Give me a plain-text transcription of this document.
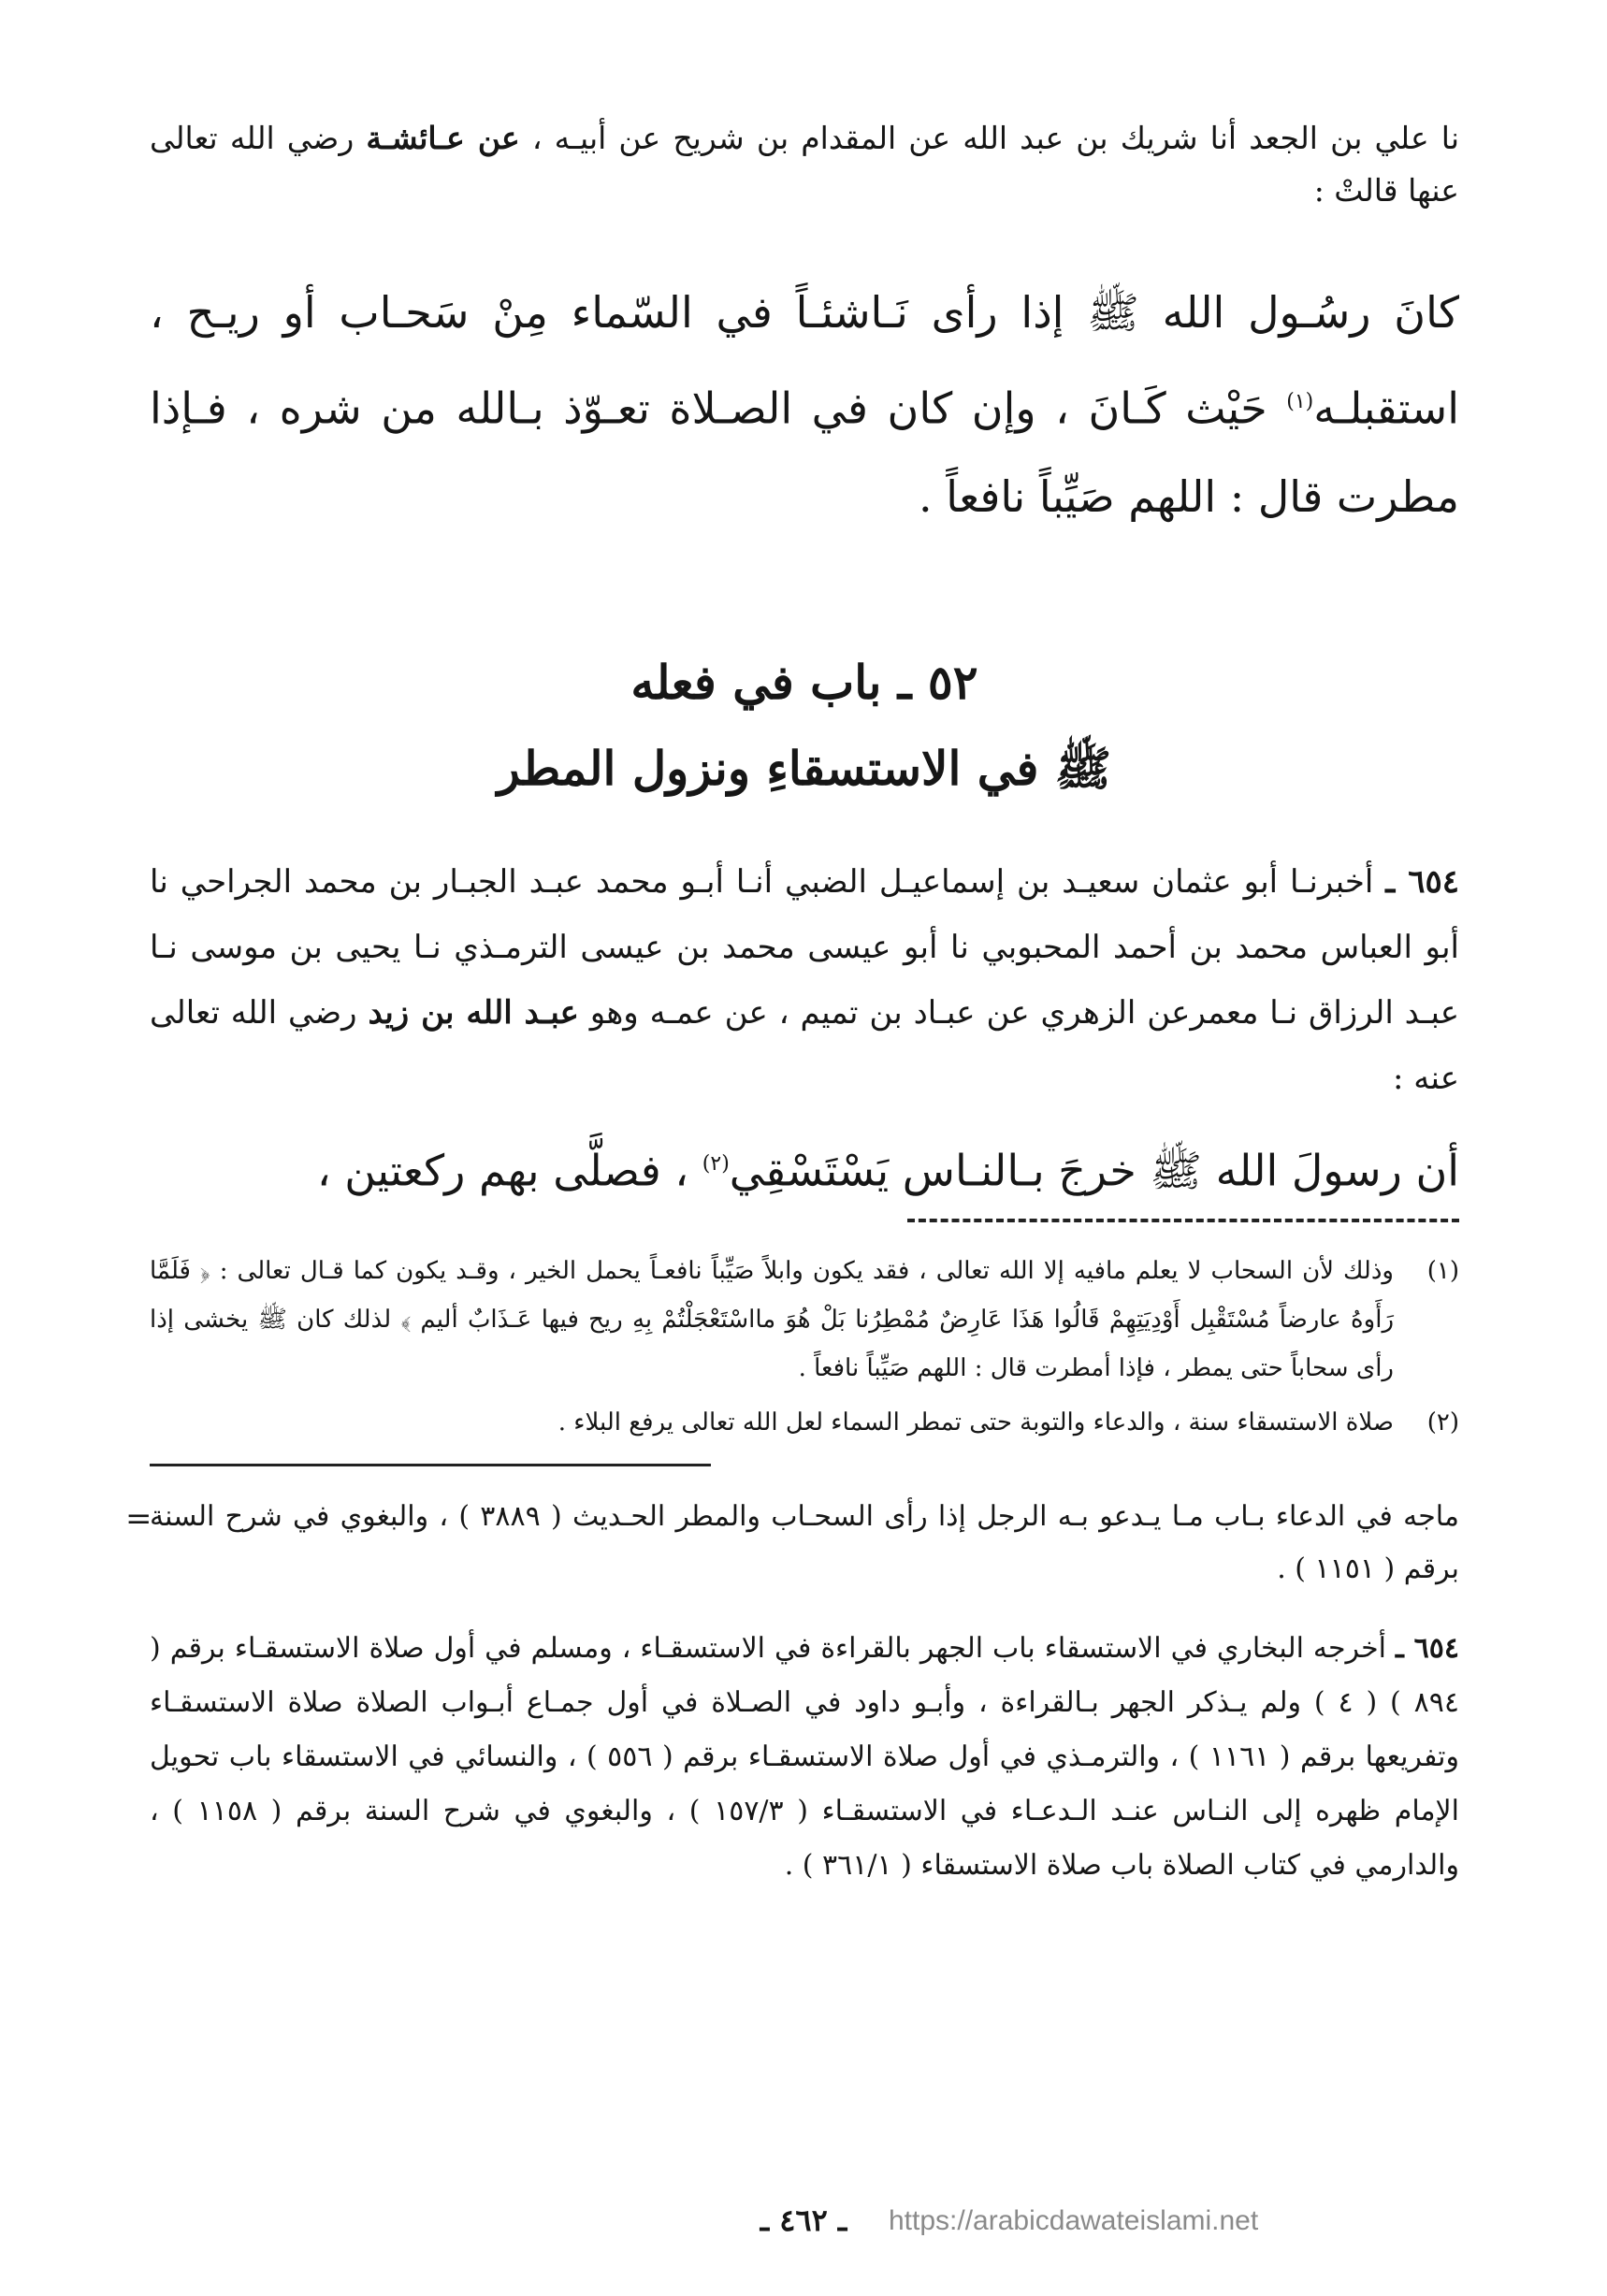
نا علي بن الجعد أنا شريك بن عبد الله عن المقدام بن شريح عن أبيـه ، عن عـائشـة رضي الله تعالى عنها قالتْ :

كانَ رسُـول الله ﷺ إذا رأى نَـاشئـاً في السّماء مِنْ سَحـاب أو ريـح ، استقبلـه$^{(١)}$ حَيْث كَـانَ ، وإن كان في الصـلاة تعـوّذ بـالله من شره ، فـإذا مطرت قال : اللهم صَيِّباً نافعاً .

٥٢ ـ باب في فعله
ﷺ في الاستسقاءِ ونزول المطر

٦٥٤ ـ أخبرنـا أبو عثمان سعيـد بن إسماعيـل الضبي أنـا أبـو محمد عبـد الجبـار بن محمد الجراحي نا أبو العباس محمد بن أحمد المحبوبي نا أبو عيسى محمد بن عيسى الترمـذي نـا يحيى بن موسى نـا عبـد الرزاق نـا معمرعن الزهري عن عبـاد بن تميم ، عن عمـه وهو عبـد الله بن زيد رضي الله تعالى عنه :

أن رسولَ الله ﷺ خرجَ بـالنـاس يَسْتَسْقِي$^{(٢)}$ ، فصلَّى بهم ركعتين ،

(١)
وذلك لأن السحاب لا يعلم مافيه إلا الله تعالى ، فقد يكون وابلاً صَيِّباً نافعـاً يحمل الخير ، وقـد يكون كما قـال تعالى : ﴿ فَلَمَّا رَأَوهُ عارضاً مُسْتَقْبِل أَوْدِيَتِهِمْ قَالُوا هَذَا عَارِضٌ مُمْطِرُنا بَلْ هُوَ مااسْتَعْجَلْتُمْ بِهِ ريح فيها عَـذَابٌ أليم ﴾ لذلك كان ﷺ يخشى إذا رأى سحاباً حتى يمطر ، فإذا أمطرت قال : اللهم صَيِّباً نافعاً .
(٢)
صلاة الاستسقاء سنة ، والدعاء والتوبة حتى تمطر السماء لعل الله تعالى يرفع البلاء .
=
ماجه في الدعاء بـاب مـا يـدعو بـه الرجل إذا رأى السحـاب والمطر الحـديث ( ٣٨٨٩ ) ، والبغوي في شرح السنة برقم ( ١١٥١ ) .

٦٥٤ ـ أخرجه البخاري في الاستسقاء باب الجهر بالقراءة في الاستسقـاء ، ومسلم في أول صلاة الاستسقـاء برقم ( ٨٩٤ ) ( ٤ ) ولم يـذكر الجهر بـالقراءة ، وأبـو داود في الصـلاة في أول جمـاع أبـواب الصلاة صلاة الاستسقـاء وتفريعها برقم ( ١١٦١ ) ، والترمـذي في أول صلاة الاستسقـاء برقم ( ٥٥٦ ) ، والنسائي في الاستسقاء باب تحويل الإمام ظهره إلى النـاس عنـد الـدعـاء في الاستسقـاء ( ١٥٧/٣ ) ، والبغوي في شرح السنة برقم ( ١١٥٨ ) ، والدارمي في كتاب الصلاة باب صلاة الاستسقاء ( ٣٦١/١ ) .

ـ ٤٦٢ ـ	https://arabicdawateislami.net
